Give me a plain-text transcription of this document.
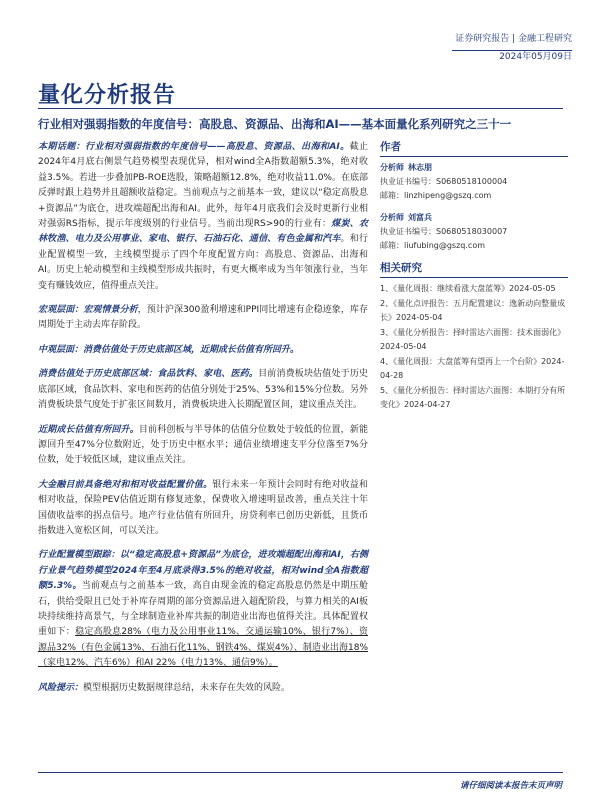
证券研究报告 | 金融工程研究
2024年05月09日
量化分析报告
行业相对强弱指数的年度信号：高股息、资源品、出海和AI——基本面量化系列研究之三十一

本期话题：行业相对强弱指数的年度信号——高股息、资源品、出海和AI。截止2024年4月底右侧景气趋势模型表现优异，相对wind全A指数超额5.3%，绝对收益3.5%。若进一步叠加PB-ROE选股，策略超额12.8%，绝对收益11.0%。在底部反弹时跟上趋势并且超额收益稳定。当前观点与之前基本一致，建议以“稳定高股息+资源品”为底仓，进攻端超配出海和AI。此外，每年4月底我们会及时更新行业相对强弱RS指标，提示年度级别的行业信号。当前出现RS>90的行业有：煤炭、农林牧渔、电力及公用事业、家电、银行、石油石化、通信、有色金属和汽车。和行业配置模型一致，主线模型提示了四个年度配置方向：高股息、资源品、出海和AI。历史上轮动模型和主线模型形成共振时，有更大概率成为当年领涨行业，当年变有赚钱效应，值得重点关注。

宏观层面：宏观情景分析，预计沪深300盈利增速和PPI同比增速有企稳迹象，库存周期处于主动去库存阶段。

中观层面：消费估值处于历史底部区域，近期成长估值有所回升。

消费估值处于历史底部区域：食品饮料、家电、医药。目前消费板块估值处于历史底部区域，食品饮料、家电和医药的估值分别处于25%、53%和15%分位数。另外消费板块景气度处于扩张区间数月，消费板块进入长期配置区间，建议重点关注。

近期成长估值有所回升。目前科创板与半导体的估值分位数处于较低的位置，新能源回升至47%分位数附近，处于历史中枢水平；通信业绩增速支平分位落至7%分位数，处于较低区域，建议重点关注。

大金融目前具备绝对和相对收益配置价值。银行未来一年预计会同时有绝对收益和相对收益，保险PEV估值近期有修复迹象，保费收入增速明显改善，重点关注十年国债收益率的拐点信号。地产行业估值有所回升，房贷利率已创历史新低，且货币指数进入宽松区间，可以关注。

行业配置模型跟踪：以“稳定高股息+资源品”为底仓，进攻端超配出海和AI，右侧行业景气趋势模型2024年至4月底录得3.5%的绝对收益，相对wind全A指数超额5.3%。当前观点与之前基本一致，高自由现金流的稳定高股息仍然是中期压舱石，供给受限且已处于补库存周期的部分资源品进入超配阶段，与算力相关的AI板块持续维持高景气，与全球制造业补库共振的制造业出海也值得关注。具体配置权重如下：稳定高股息28%（电力及公用事业11%、交通运输10%、银行7%）、资源品32%（有色金属13%、石油石化11%、钢铁4%、煤炭4%）、制造业出海18%（家电12%、汽车6%）和AI 22%（电力13%、通信9%）。

风险提示：模型根据历史数据规律总结，未来存在失效的风险。

作者
分析师 林志朋
执业证书编号：S0680518100004
邮箱：linzhipeng@gszq.com
分析师 刘富兵
执业证书编号：S0680518030007
邮箱：liufubing@gszq.com
相关研究
1、《量化周报：继续看涨大盘蓝筹》2024-05-05
2、《量化点评报告：五月配置建议：逸新动向整量成长》2024-05-04
3、《量化分析报告：择时雷达六面图：技术面弱化》2024-05-04
4、《量化周报：大盘蓝筹有望再上一个台阶》2024-04-28
5、《量化分析报告：择时雷达六面图：本期打分有所变化》2024-04-27
请仔细阅读本报告末页声明
